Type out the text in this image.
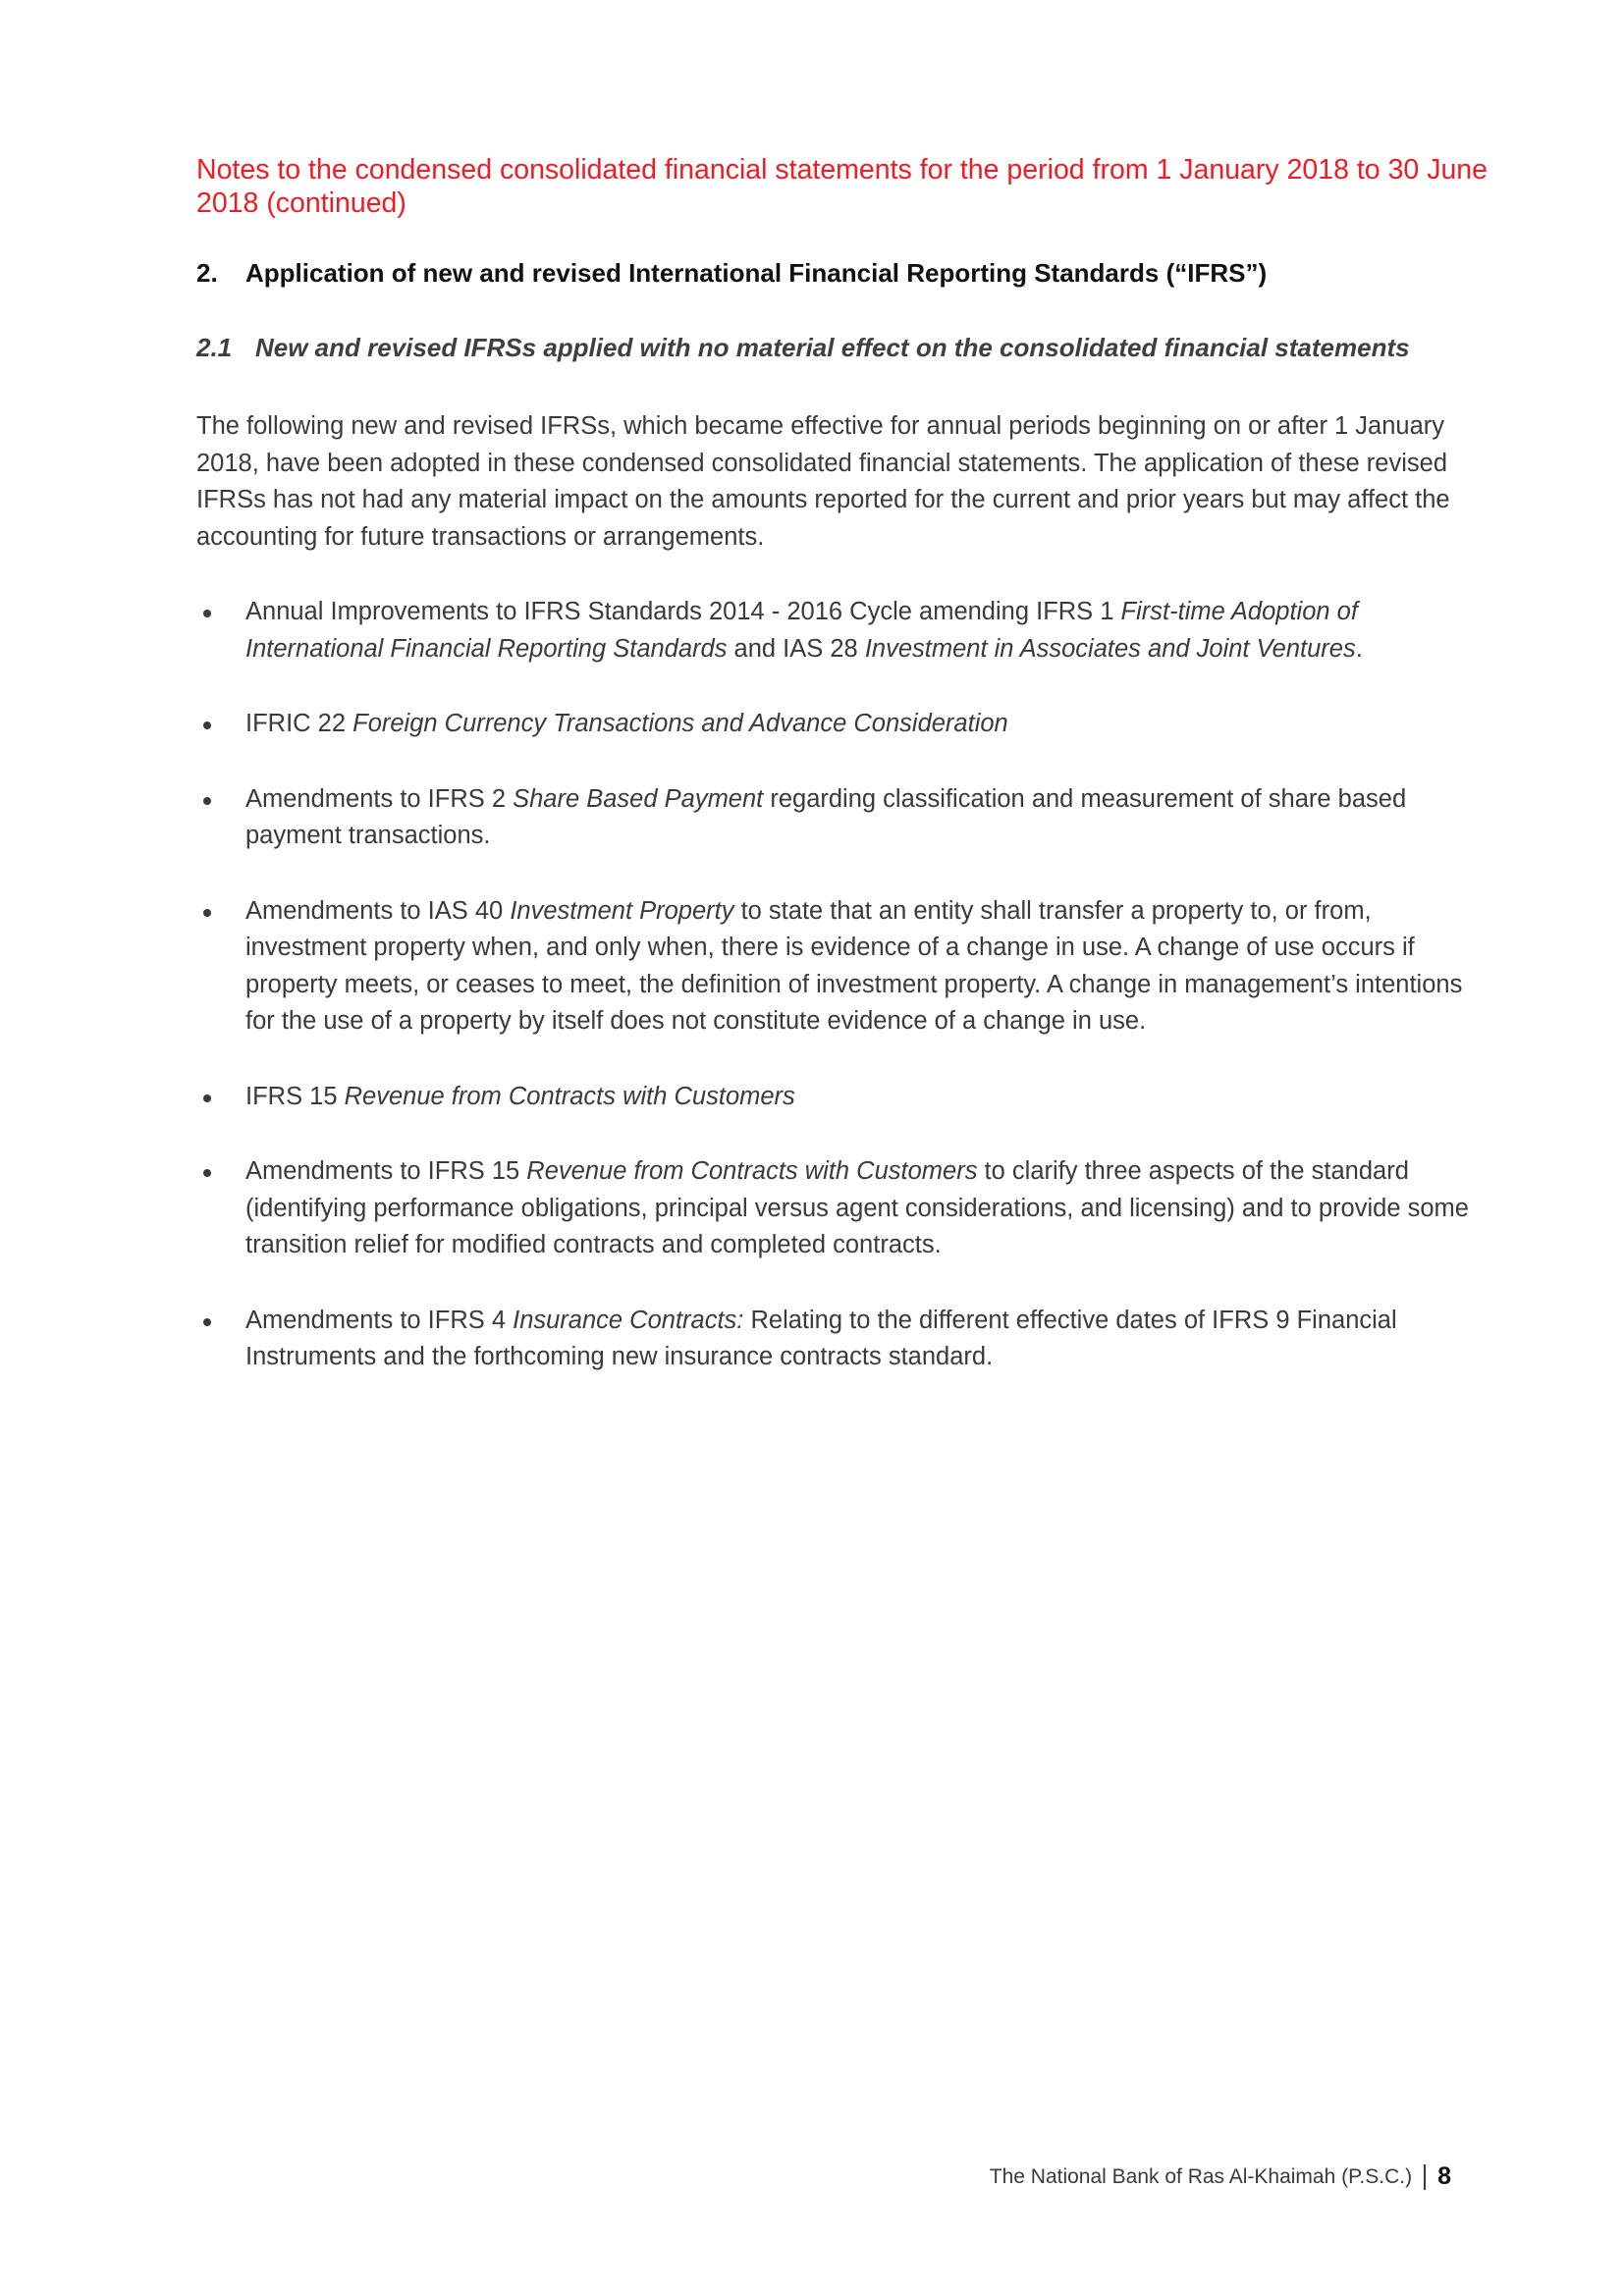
Notes to the condensed consolidated financial statements for the period from 1 January 2018 to 30 June 2018 (continued)
2. Application of new and revised International Financial Reporting Standards (“IFRS”)
2.1 New and revised IFRSs applied with no material effect on the consolidated financial statements

The following new and revised IFRSs, which became effective for annual periods beginning on or after 1 January 2018, have been adopted in these condensed consolidated financial statements. The application of these revised IFRSs has not had any material impact on the amounts reported for the current and prior years but may affect the accounting for future transactions or arrangements.

Annual Improvements to IFRS Standards 2014 - 2016 Cycle amending IFRS 1 First-time Adoption of International Financial Reporting Standards and IAS 28 Investment in Associates and Joint Ventures.
IFRIC 22 Foreign Currency Transactions and Advance Consideration
Amendments to IFRS 2 Share Based Payment regarding classification and measurement of share based payment transactions.
Amendments to IAS 40 Investment Property to state that an entity shall transfer a property to, or from, investment property when, and only when, there is evidence of a change in use. A change of use occurs if property meets, or ceases to meet, the definition of investment property. A change in management’s intentions for the use of a property by itself does not constitute evidence of a change in use.
IFRS 15 Revenue from Contracts with Customers
Amendments to IFRS 15 Revenue from Contracts with Customers to clarify three aspects of the standard (identifying performance obligations, principal versus agent considerations, and licensing) and to provide some transition relief for modified contracts and completed contracts.
Amendments to IFRS 4 Insurance Contracts: Relating to the different effective dates of IFRS 9 Financial Instruments and the forthcoming new insurance contracts standard.
The National Bank of Ras Al-Khaimah (P.S.C.) 8
